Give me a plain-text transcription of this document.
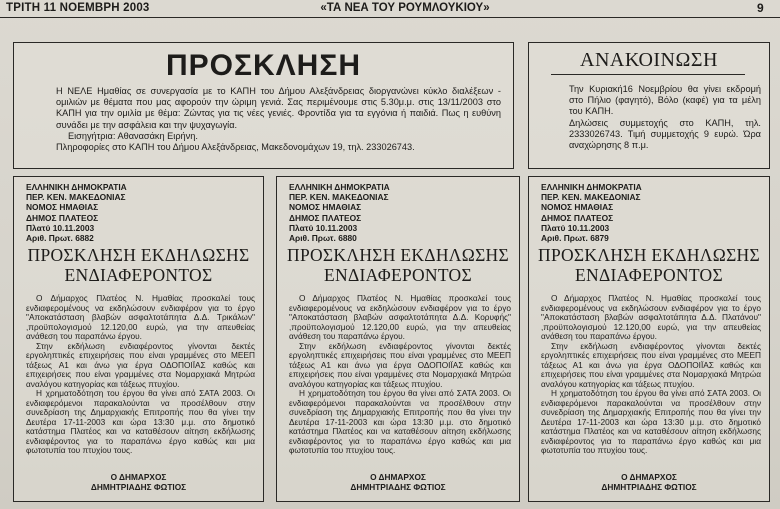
ΤΡΙΤΗ 11 ΝΟΕΜΒΡΗ 2003	«ΤΑ ΝΕΑ ΤΟΥ ΡΟΥΜΛΟΥΚΙΟΥ»	9
ΠΡΟΣΚΛΗΣΗ

Η ΝΕΛΕ Ημαθίας σε συνεργασία με το ΚΑΠΗ του Δήμου Αλεξάνδρειας διοργανώνει κύκλο διαλέξεων - ομιλιών με θέματα που μας αφορούν την ώριμη γενιά. Σας περιμένουμε στις 5.30μ.μ. στις 13/11/2003 στο ΚΑΠΗ για την ομιλία με θέμα: Ζώντας για τις νέες γενιές. Φροντίδα για τα εγγόνια ή παιδιά. Πως η ευθύνη συνάδει με την ασφάλεια και την ψυχαγωγία.

Εισηγήτρια: Αθανασάκη Ειρήνη.

Πληροφορίες στο ΚΑΠΗ του Δήμου Αλεξάνδρειας, Μακεδονομάχων 19, τηλ. 233026743.

ΑΝΑΚΟΙΝΩΣΗ

Την Κυριακή16 Νοεμβρίου θα γίνει εκδρομή στο Πήλιο (φαγητό), Βόλο (καφέ) για τα μέλη του ΚΑΠΗ.

Δηλώσεις συμμετοχής στο ΚΑΠΗ, τηλ. 2333026743. Τιμή συμμετοχής 9 ευρώ. Ώρα αναχώρησης 8 π.μ.

ΕΛΛΗΝΙΚΗ ΔΗΜΟΚΡΑΤΙΑ
ΠΕΡ. ΚΕΝ. ΜΑΚΕΔΟΝΙΑΣ
ΝΟΜΟΣ ΗΜΑΘΙΑΣ
ΔΗΜΟΣ ΠΛΑΤΕΟΣ
Πλατύ 10.11.2003
Αριθ. Πρωτ. 6882
ΠΡΟΣΚΛΗΣΗ ΕΚΔΗΛΩΣΗΣ
ΕΝΔΙΑΦΕΡΟΝΤΟΣ

Ο Δήμαρχος Πλατέος Ν. Ημαθίας προσκαλεί τους ενδιαφερομένους να εκδηλώσουν ενδιαφέρον για το έργο "Αποκατάσταση βλαβών ασφαλτοτάπητα Δ.Δ. Τρικάλων" ,προϋπολογισμού 12.120,00 ευρώ, για την απευθείας ανάθεση του παραπάνω έργου.

Στην εκδήλωση ενδιαφέροντος γίνονται δεκτές εργοληπτικές επιχειρήσεις που είναι γραμμένες στο ΜΕΕΠ τάξεως Α1 και άνω για έργα ΟΔΟΠΟΙΪΑΣ καθώς και επιχειρήσεις που είναι γραμμένες στα Νομαρχιακά Μητρώα αναλόγου κατηγορίας και τάξεως πτυχίου.

Η χρηματοδότηση του έργου θα γίνει από ΣΑΤΑ 2003. Οι ενδιαφερόμενοι παρακαλούνται να προσέλθουν στην συνεδρίαση της Δημαρχιακής Επιτροπής που θα γίνει την Δευτέρα 17-11-2003 και ώρα 13:30 μ.μ. στο δημοτικό κατάστημα Πλατέος και να καταθέσουν αίτηση εκδήλωσης ενδιαφέροντος για το παραπάνω έργο καθώς και μια φωτοτυπία του πτυχίου τους.

Ο ΔΗΜΑΡΧΟΣ
ΔΗΜΗΤΡΙΑΔΗΣ ΦΩΤΙΟΣ
ΕΛΛΗΝΙΚΗ ΔΗΜΟΚΡΑΤΙΑ
ΠΕΡ. ΚΕΝ. ΜΑΚΕΔΟΝΙΑΣ
ΝΟΜΟΣ ΗΜΑΘΙΑΣ
ΔΗΜΟΣ ΠΛΑΤΕΟΣ
Πλατύ 10.11.2003
Αριθ. Πρωτ. 6880
ΠΡΟΣΚΛΗΣΗ ΕΚΔΗΛΩΣΗΣ
ΕΝΔΙΑΦΕΡΟΝΤΟΣ

Ο Δήμαρχος Πλατέος Ν. Ημαθίας προσκαλεί τους ενδιαφερομένους να εκδηλώσουν ενδιαφέρον για το έργο "Αποκατάσταση βλαβών ασφαλτοτάπητα Δ.Δ. Κορυφής" ,προϋπολογισμού 12.120,00 ευρώ, για την απευθείας ανάθεση του παραπάνω έργου.

Στην εκδήλωση ενδιαφέροντος γίνονται δεκτές εργοληπτικές επιχειρήσεις που είναι γραμμένες στο ΜΕΕΠ τάξεως Α1 και άνω για έργα ΟΔΟΠΟΙΪΑΣ καθώς και επιχειρήσεις που είναι γραμμένες στα Νομαρχιακά Μητρώα αναλόγου κατηγορίας και τάξεως πτυχίου.

Η χρηματοδότηση του έργου θα γίνει από ΣΑΤΑ 2003. Οι ενδιαφερόμενοι παρακαλούνται να προσέλθουν στην συνεδρίαση της Δημαρχιακής Επιτροπής που θα γίνει την Δευτέρα 17-11-2003 και ώρα 13:30 μ.μ. στο δημοτικό κατάστημα Πλατέος και να καταθέσουν αίτηση εκδήλωσης ενδιαφέροντος για το παραπάνω έργο καθώς και μια φωτοτυπία του πτυχίου τους.

Ο ΔΗΜΑΡΧΟΣ
ΔΗΜΗΤΡΙΑΔΗΣ ΦΩΤΙΟΣ
ΕΛΛΗΝΙΚΗ ΔΗΜΟΚΡΑΤΙΑ
ΠΕΡ. ΚΕΝ. ΜΑΚΕΔΟΝΙΑΣ
ΝΟΜΟΣ ΗΜΑΘΙΑΣ
ΔΗΜΟΣ ΠΛΑΤΕΟΣ
Πλατύ 10.11.2003
Αριθ. Πρωτ. 6879
ΠΡΟΣΚΛΗΣΗ ΕΚΔΗΛΩΣΗΣ
ΕΝΔΙΑΦΕΡΟΝΤΟΣ

Ο Δήμαρχος Πλατέος Ν. Ημαθίας προσκαλεί τους ενδιαφερομένους να εκδηλώσουν ενδιαφέρον για το έργο "Αποκατάσταση βλαβών ασφαλτοτάπητα Δ.Δ. Πλατάνου" ,προϋπολογισμού 12.120,00 ευρώ, για την απευθείας ανάθεση του παραπάνω έργου.

Στην εκδήλωση ενδιαφέροντος γίνονται δεκτές εργοληπτικές επιχειρήσεις που είναι γραμμένες στο ΜΕΕΠ τάξεως Α1 και άνω για έργα ΟΔΟΠΟΙΪΑΣ καθώς και επιχειρήσεις που είναι γραμμένες στα Νομαρχιακά Μητρώα αναλόγου κατηγορίας και τάξεως πτυχίου.

Η χρηματοδότηση του έργου θα γίνει από ΣΑΤΑ 2003. Οι ενδιαφερόμενοι παρακαλούνται να προσέλθουν στην συνεδρίαση της Δημαρχιακής Επιτροπής που θα γίνει την Δευτέρα 17-11-2003 και ώρα 13:30 μ.μ. στο δημοτικό κατάστημα Πλατέος και να καταθέσουν αίτηση εκδήλωσης ενδιαφέροντος για το παραπάνω έργο καθώς και μια φωτοτυπία του πτυχίου τους.

Ο ΔΗΜΑΡΧΟΣ
ΔΗΜΗΤΡΙΑΔΗΣ ΦΩΤΙΟΣ
